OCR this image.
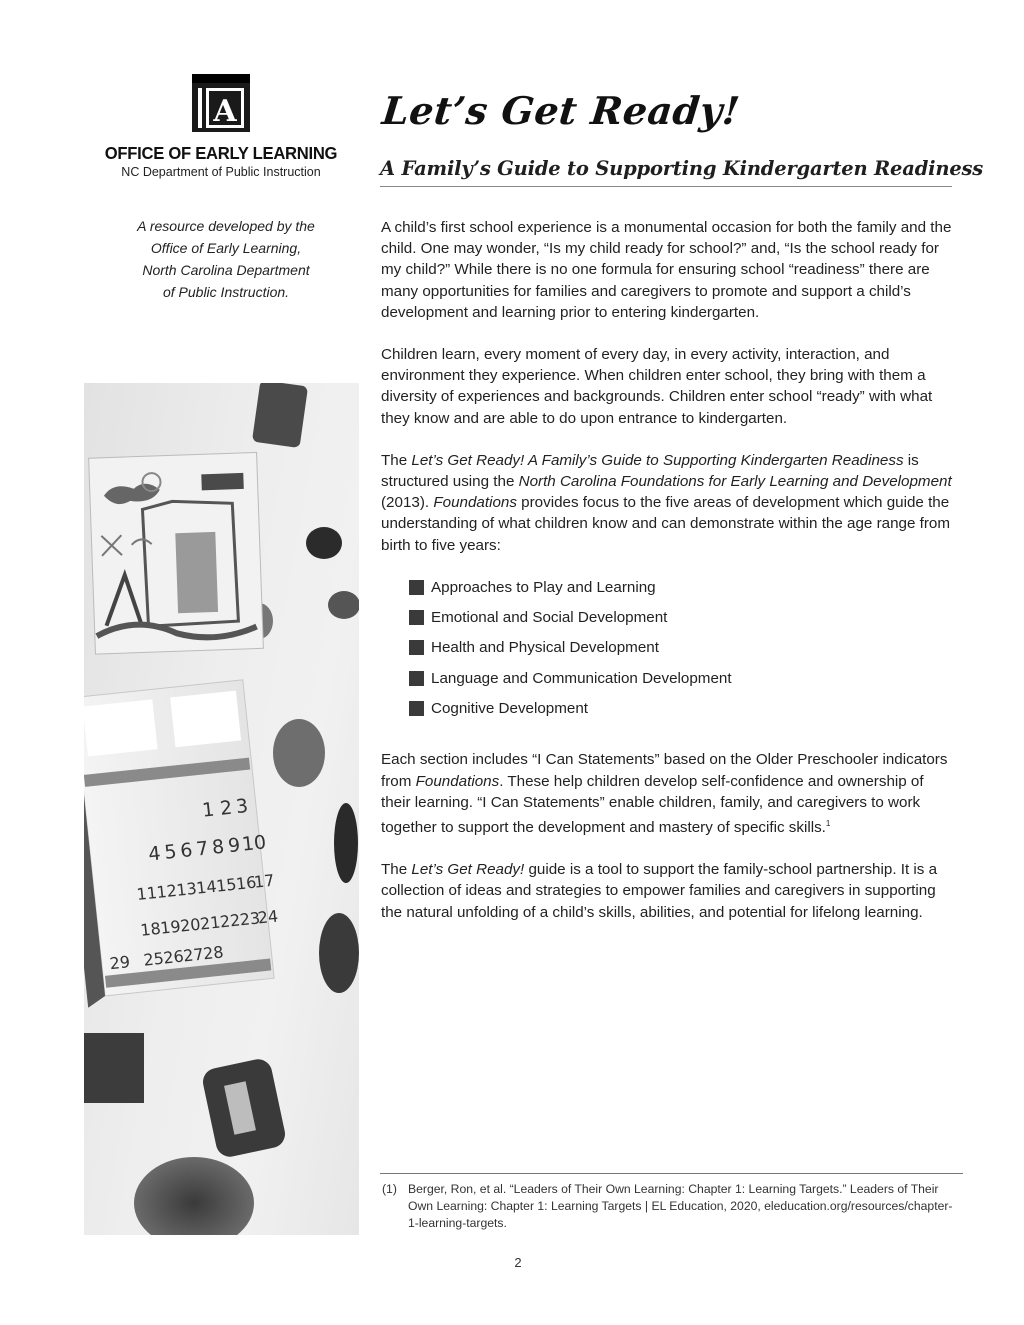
A
OFFICE OF EARLY LEARNING
NC Department of Public Instruction
A resource developed by the
Office of Early Learning,
North Carolina Department
of Public Instruction.
1 2 3
4 5 6 7 8 9 10
11
12
13
14
15
16
17
18
19
20
21
22
23
24
25
26
27
28
29
Let’s Get Ready!
A Family’s Guide to Supporting Kindergarten Readiness

A child’s first school experience is a monumental occasion for both the family and the child. One may wonder, “Is my child ready for school?” and, “Is the school ready for my child?” While there is no one formula for ensuring school “readiness” there are many opportunities for families and caregivers to promote and support a child’s development and learning prior to entering kindergarten.

Children learn, every moment of every day, in every activity, interaction, and environment they experience. When children enter school, they bring with them a diversity of experiences and backgrounds. Children enter school “ready” with what they know and are able to do upon entrance to kindergarten.

The Let’s Get Ready! A Family’s Guide to Supporting Kindergarten Readiness is structured using the North Carolina Foundations for Early Learning and Development (2013). Foundations provides focus to the five areas of development which guide the understanding of what children know and can demonstrate within the age range from birth to five years:

Approaches to Play and Learning
Emotional and Social Development
Health and Physical Development
Language and Communication Development
Cognitive Development

Each section includes “I Can Statements” based on the Older Preschooler indicators from Foundations. These help children develop self-confidence and ownership of their learning. “I Can Statements” enable children, family, and caregivers to work together to support the development and mastery of specific skills.$^1$

The Let’s Get Ready! guide is a tool to support the family-school partnership. It is a collection of ideas and strategies to empower families and caregivers in supporting the natural unfolding of a child’s skills, abilities, and potential for lifelong learning.

(1) Berger, Ron, et al. “Leaders of Their Own Learning: Chapter 1: Learning Targets.” Leaders of Their Own Learning: Chapter 1: Learning Targets | EL Education, 2020, eleducation.org/resources/chapter-1-learning-targets.
2
